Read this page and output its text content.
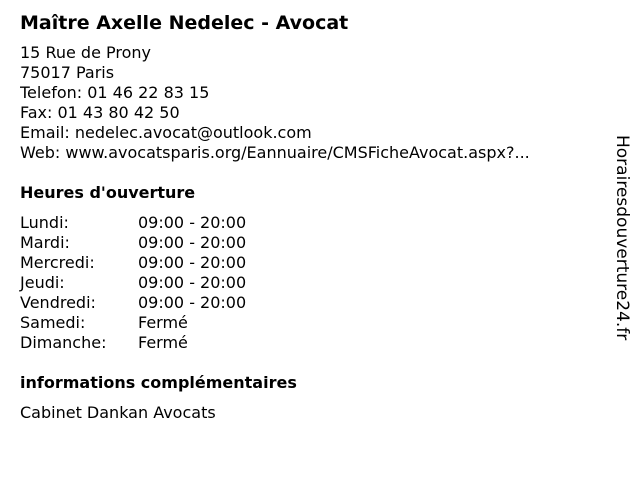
Maître Axelle Nedelec - Avocat
15 Rue de Prony
75017 Paris
Telefon: 01 46 22 83 15
Fax: 01 43 80 42 50
Email: nedelec.avocat@outlook.com
Web: www.avocatsparis.org/Eannuaire/CMSFicheAvocat.aspx?...
Heures d'ouverture
Lundi:	09:00 - 20:00
Mardi:	09:00 - 20:00
Mercredi:	09:00 - 20:00
Jeudi:	09:00 - 20:00
Vendredi:	09:00 - 20:00
Samedi:	Fermé
Dimanche:	Fermé
informations complémentaires
Cabinet Dankan Avocats
Horairesdouverture24.fr
